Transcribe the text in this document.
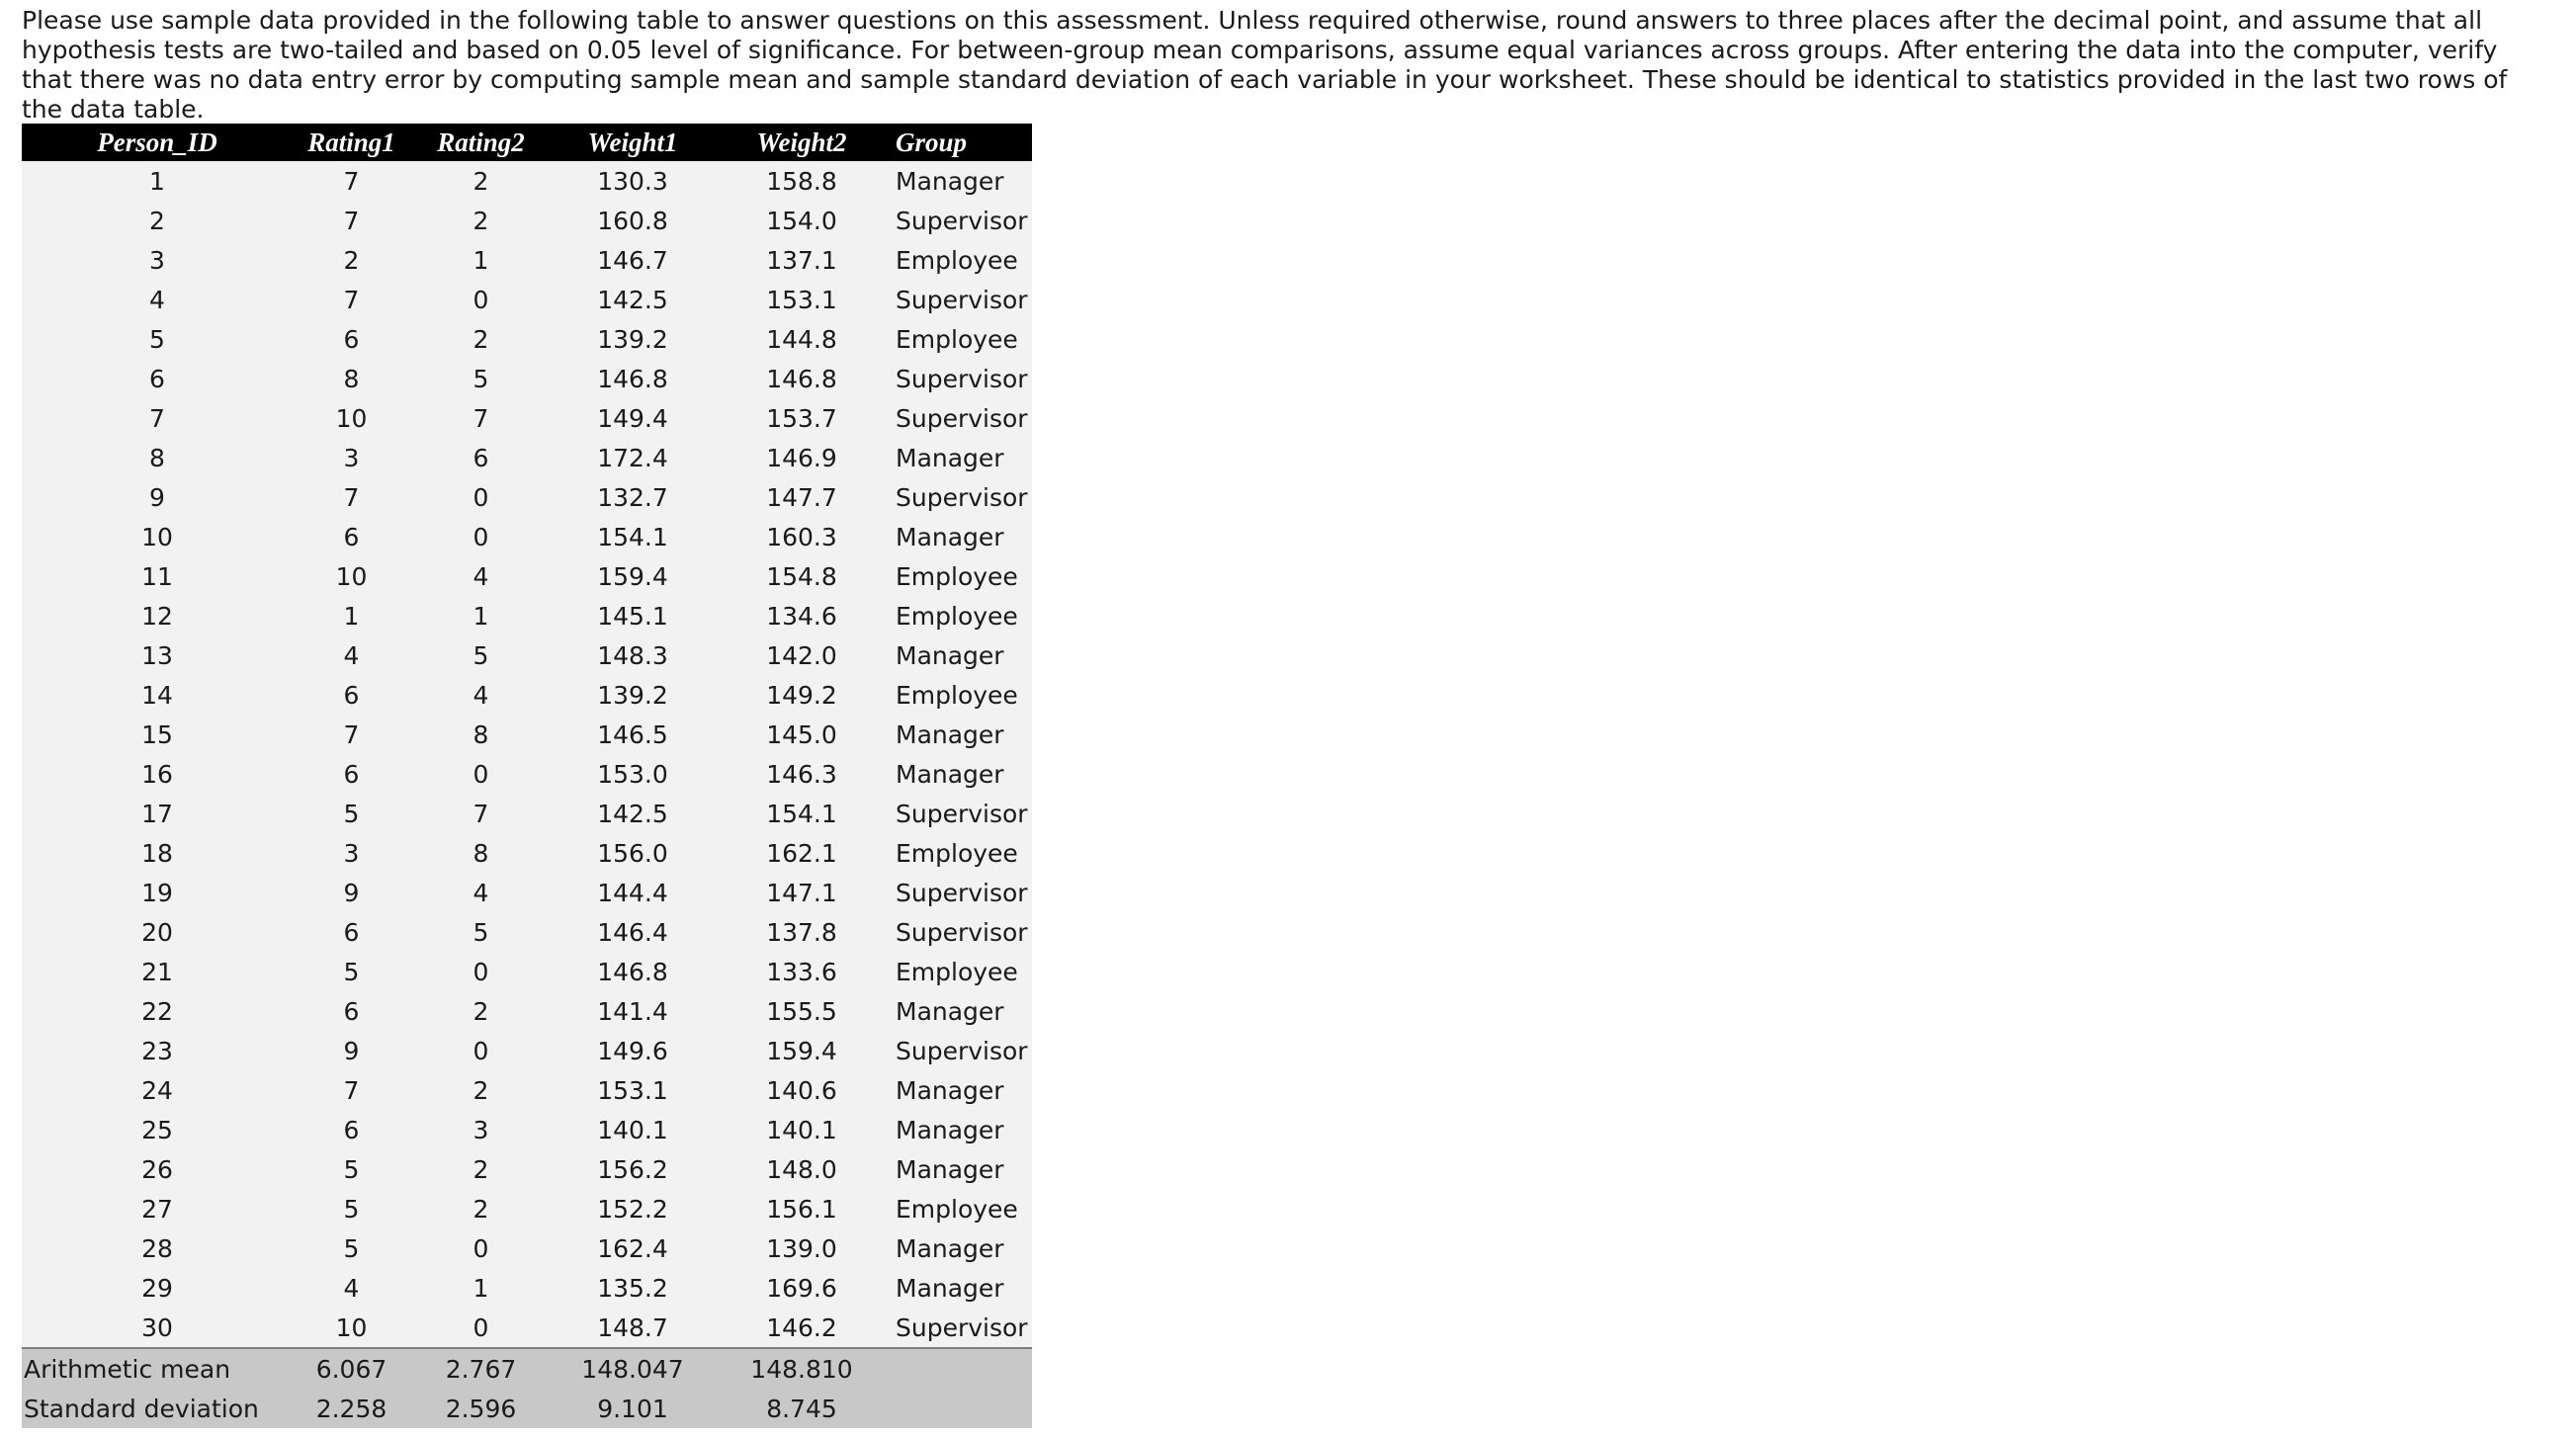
Please use sample data provided in the following table to answer questions on this assessment. Unless required otherwise, round answers to three places after the decimal point, and assume that all hypothesis tests are two-tailed and based on 0.05 level of significance. For between-group mean comparisons, assume equal variances across groups. After entering the data into the computer, verify that there was no data entry error by computing sample mean and sample standard deviation of each variable in your worksheet. These should be identical to statistics provided in the last two rows of the data table.

Person_ID	Rating1	Rating2	Weight1	Weight2	Group
1	7	2	130.3	158.8	Manager
2	7	2	160.8	154.0	Supervisor
3	2	1	146.7	137.1	Employee
4	7	0	142.5	153.1	Supervisor
5	6	2	139.2	144.8	Employee
6	8	5	146.8	146.8	Supervisor
7	10	7	149.4	153.7	Supervisor
8	3	6	172.4	146.9	Manager
9	7	0	132.7	147.7	Supervisor
10	6	0	154.1	160.3	Manager
11	10	4	159.4	154.8	Employee
12	1	1	145.1	134.6	Employee
13	4	5	148.3	142.0	Manager
14	6	4	139.2	149.2	Employee
15	7	8	146.5	145.0	Manager
16	6	0	153.0	146.3	Manager
17	5	7	142.5	154.1	Supervisor
18	3	8	156.0	162.1	Employee
19	9	4	144.4	147.1	Supervisor
20	6	5	146.4	137.8	Supervisor
21	5	0	146.8	133.6	Employee
22	6	2	141.4	155.5	Manager
23	9	0	149.6	159.4	Supervisor
24	7	2	153.1	140.6	Manager
25	6	3	140.1	140.1	Manager
26	5	2	156.2	148.0	Manager
27	5	2	152.2	156.1	Employee
28	5	0	162.4	139.0	Manager
29	4	1	135.2	169.6	Manager
30	10	0	148.7	146.2	Supervisor
Arithmetic mean	6.067	2.767	148.047	148.810	
Standard deviation	2.258	2.596	9.101	8.745	
